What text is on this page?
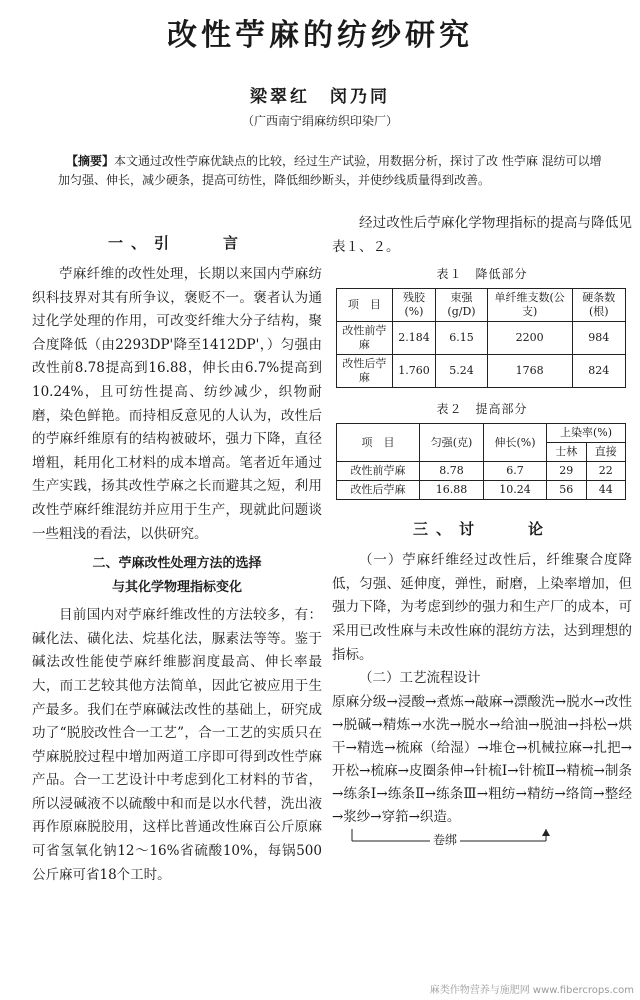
改性苧麻的纺纱研究
梁翠红　闵乃同
（广西南宁绢麻纺织印染厂）
【摘要】本文通过改性苧麻优缺点的比较，经过生产试验，用数据分析，探讨了改 性苧麻 混纺可以增加匀强、伸长，减少硬条，提高可纺性，降低细纱断头，并使纱线质量得到改善。
一、引　　言

苧麻纤维的改性处理，长期以来国内苧麻纺织科技界对其有所争议，褒贬不一。褒者认为通过化学处理的作用，可改变纤维大分子结构，聚合度降低（由2293DP'降至1412DP'，）匀强由改性前8.78提高到16.88，伸长由6.7%提高到10.24%，且可纺性提高、纺纱减少，织物耐磨，染色鲜艳。而持相反意见的人认为，改性后的苧麻纤维原有的结构被破坏，强力下降，直径增粗，耗用化工材料的成本增高。笔者近年通过生产实践，扬其改性苧麻之长而避其之短，利用改性苧麻纤维混纺并应用于生产，现就此问题谈一些粗浅的看法，以供研究。

二、苧麻改性处理方法的选择
与其化学物理指标变化

目前国内对苧麻纤维改性的方法较多，有：碱化法、磺化法、烷基化法，脲素法等等。鉴于碱法改性能使苧麻纤维膨润度最高、伸长率最大，而工艺较其他方法简单，因此它被应用于生产最多。我们在苧麻碱法改性的基础上，研究成功了“脱胶改性合一工艺”，合一工艺的实质只在苧麻脱胶过程中增加两道工序即可得到改性苧麻产品。合一工艺设计中考虑到化工材料的节省，所以浸碱液不以硫酸中和而是以水代替，洗出液再作原麻脱胶用，这样比普通改性麻百公斤原麻可省氢氧化钠12～16%省硫酸10%，每锅500公斤麻可省18个工时。

经过改性后苧麻化学物理指标的提高与降低见表１、２。

表１　降低部分
项　目	残胶(%)	束强(g/D)	单纤维支数(公支)	硬条数(根)
改性前苧麻	2.184	6.15	2200	984
改性后苧麻	1.760	5.24	1768	824
表２　提高部分
项　目	匀强(克)	伸长(%)	上染率(%)	
			士林	直接
改性前苧麻	8.78	6.7	29	22
改性后苧麻	16.88	10.24	56	44
三、讨　　论

（一）苧麻纤维经过改性后，纤维聚合度降低，匀强、延伸度，弹性，耐磨，上染率增加，但强力下降，为考虑到纱的强力和生产厂的成本，可采用已改性麻与未改性麻的混纺方法，达到理想的指标。

（二）工艺流程设计

原麻分级→浸酸→煮炼→敲麻→漂酸洗→脱水→改性→脱碱→精炼→水洗→脱水→给油→脱油→抖松→烘干→精选→梳麻（给湿）→堆仓→机械拉麻→扎把→开松→梳麻→皮圈条伸→针梳Ⅰ→针梳Ⅱ→精梳→制条→练条Ⅰ→练条Ⅱ→练条Ⅲ→粗纺→精纺→络筒→整经→浆纱→穿筘→织造。

卷绑
麻类作物营养与施肥网 www.fibercrops.com
